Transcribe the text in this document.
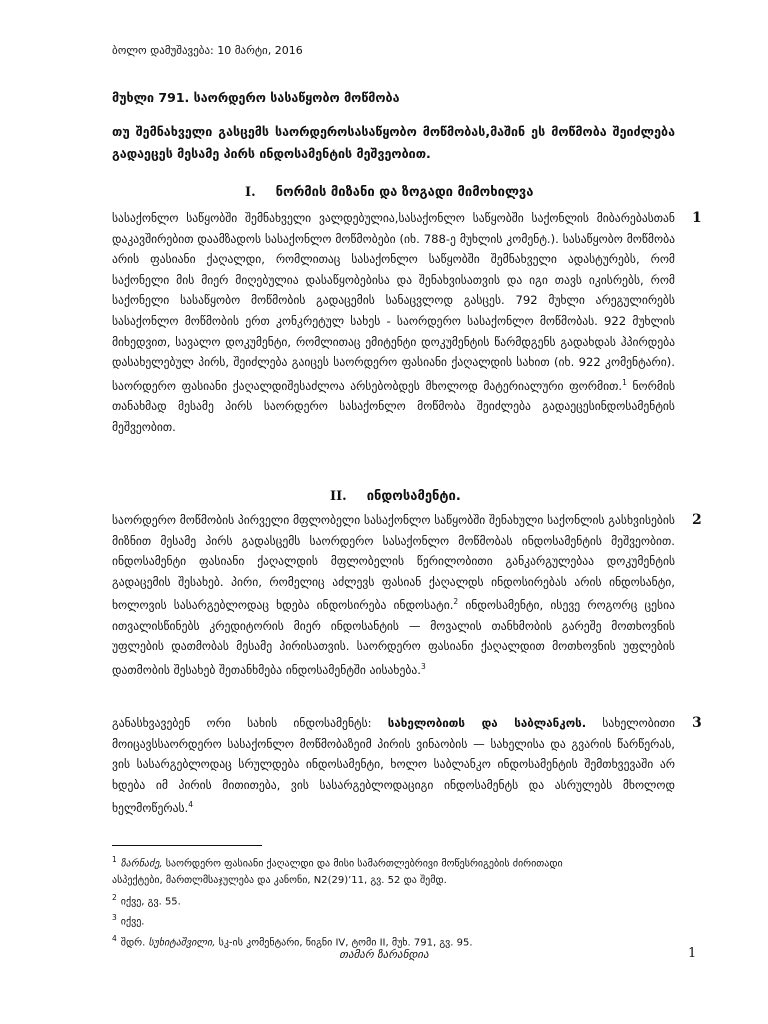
ბოლო დამუშავება: 10 მარტი, 2016
მუხლი 791. საორდერო სასაწყობო მოწმობა
თუ შემნახველი გასცემს საორდეროსასაწყობო მოწმობას,მაშინ ეს მოწმობა შეიძლება გადაეცეს მესამე პირს ინდოსამენტის მეშვეობით.
I. ნორმის მიზანი და ზოგადი მიმოხილვა
სასაქონლო საწყობში შემნახველი ვალდებულია,სასაქონლო საწყობში საქონლის მიბარებასთან დაკავშირებით დაამზადოს სასაქონლო მოწმობები (იხ. 788-ე მუხლის კომენტ.). სასაწყობო მოწმობა არის ფასიანი ქაღალდი, რომლითაც სასაქონლო საწყობში შემნახველი ადასტურებს, რომ საქონელი მის მიერ მიღებულია დასაწყობებისა და შენახვისათვის და იგი თავს იკისრებს, რომ საქონელი სასაწყობო მოწმობის გადაცემის სანაცვლოდ გასცეს. 792 მუხლი არეგულირებს სასაქონლო მოწმობის ერთ კონკრეტულ სახეს - საორდერო სასაქონლო მოწმობას. 922 მუხლის მიხედვით, სავალო დოკუმენტი, რომლითაც ემიტენტი დოკუმენტის წარმდგენს გადახდას ჰპირდება დასახელებულ პირს, შეიძლება გაიცეს საორდერო ფასიანი ქაღალდის სახით (იხ. 922 კომენტარი). საორდერო ფასიანი ქაღალდიშესაძლოა არსებობდეს მხოლოდ მატერიალური ფორმით.$^1$ ნორმის თანახმად მესამე პირს საორდერო სასაქონლო მოწმობა შეიძლება გადაეცესინდოსამენტის მეშვეობით.
1
II. ინდოსამენტი.
საორდერო მოწმობის პირველი მფლობელი სასაქონლო საწყობში შენახული საქონლის გასხვისების მიზნით მესამე პირს გადასცემს საორდერო სასაქონლო მოწმობას ინდოსამენტის მეშვეობით. ინდოსამენტი ფასიანი ქაღალდის მფლობელის წერილობითი განკარგულებაა დოკუმენტის გადაცემის შესახებ. პირი, რომელიც აძლევს ფასიან ქაღალდს ინდოსირებას არის ინდოსანტი, ხოლოვის სასარგებლოდაც ხდება ინდოსირება ინდოსატი.$^2$ ინდოსამენტი, ისევე როგორც ცესია ითვალისწინებს კრედიტორის მიერ ინდოსანტის — მოვალის თანხმობის გარეშე მოთხოვნის უფლების დათმობას მესამე პირისათვის. საორდერო ფასიანი ქაღალდით მოთხოვნის უფლების დათმობის შესახებ შეთანხმება ინდოსამენტში აისახება.$^3$
2
განასხვავებენ ორი სახის ინდოსამენტს: სახელობითს და საბლანკოს. სახელობითი მოიცავსსაორდერო სასაქონლო მოწმობაზეიმ პირის ვინაობის — სახელისა და გვარის წარწერას, ვის სასარგებლოდაც სრულდება ინდოსამენტი, ხოლო საბლანკო ინდოსამენტის შემთხვევაში არ ხდება იმ პირის მითითება, ვის სასარგებლოდაციგი ინდოსამენტს და ასრულებს მხოლოდ ხელმოწერას.$^4$
3
$^1$ ზარნაძე, საორდერო ფასიანი ქაღალდი და მისი სამართლებრივი მოწესრიგების ძირითადი
ასპექტები, მართლმსაჯულება და კანონი, N2(29)’11, გვ. 52 და შემდ.
$^2$ იქვე, გვ. 55.
$^3$ იქვე.
$^4$ შდრ. სუხიტაშვილი, სკ-ის კომენტარი, წიგნი IV, ტომი II, მუხ. 791, გვ. 95.
თამარ ზარანდია	1
